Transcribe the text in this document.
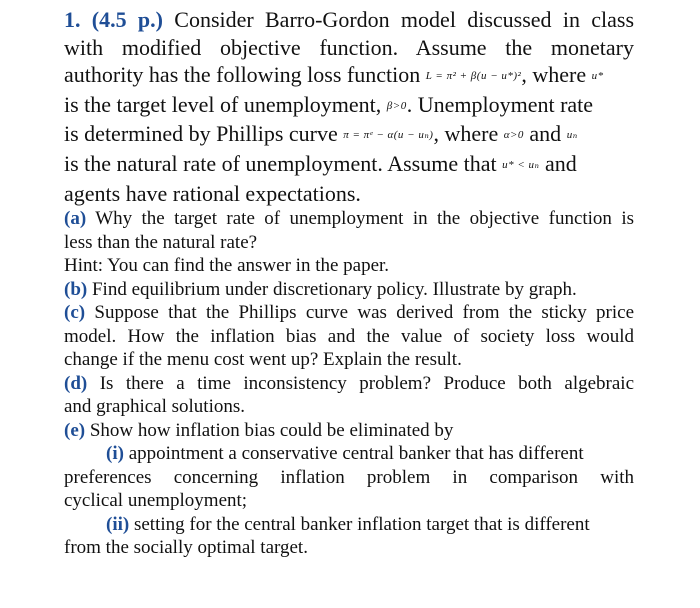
1. (4.5 p.) Consider Barro-Gordon model discussed in class
with modified objective function. Assume the monetary
authority has the following loss function L = π² + β(u − u*)², where u*
is the target level of unemployment, β>0. Unemployment rate
is determined by Phillips curve π = πᵉ − α(u − uₙ), where α>0 and uₙ
is the natural rate of unemployment. Assume that u* < uₙ and
agents have rational expectations.

(a) Why the target rate of unemployment in the objective function is
less than the natural rate?
Hint: You can find the answer in the paper.

(b) Find equilibrium under discretionary policy. Illustrate by graph.

(c) Suppose that the Phillips curve was derived from the sticky price
model. How the inflation bias and the value of society loss would
change if the menu cost went up? Explain the result.

(d) Is there a time inconsistency problem? Produce both algebraic
and graphical solutions.

(e) Show how inflation bias could be eliminated by
(i) appointment a conservative central banker that has different
preferences concerning inflation problem in comparison with
cyclical unemployment;

(ii) setting for the central banker inflation target that is different
from the socially optimal target.
